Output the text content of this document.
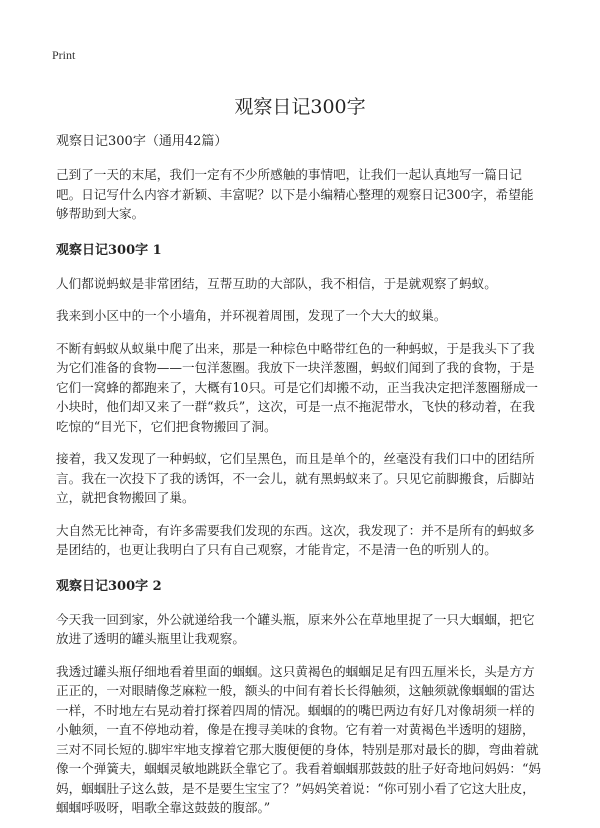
Print
观察日记300字
观察日记300字（通用42篇）

己到了一天的末尾，我们一定有不少所感触的事情吧，让我们一起认真地写一篇日记吧。日记写什么内容才新颖、丰富呢？以下是小编精心整理的观察日记300字，希望能够帮助到大家。

观察日记300字 1

人们都说蚂蚁是非常团结，互帮互助的大部队，我不相信，于是就观察了蚂蚁。

我来到小区中的一个小墙角，并环视着周围，发现了一个大大的蚁巢。

不断有蚂蚁从蚁巢中爬了出来，那是一种棕色中略带红色的一种蚂蚁，于是我头下了我为它们准备的食物——一包洋葱圈。我放下一块洋葱圈，蚂蚁们闻到了我的食物，于是它们一窝蜂的都跑来了，大概有10只。可是它们却搬不动，正当我决定把洋葱圈掰成一小块时，他们却又来了一群“救兵”，这次，可是一点不拖泥带水，飞快的移动着，在我吃惊的“目光下，它们把食物搬回了洞。

接着，我又发现了一种蚂蚁，它们呈黑色，而且是单个的，丝毫没有我们口中的团结所言。我在一次投下了我的诱饵，不一会儿，就有黑蚂蚁来了。只见它前脚搬食，后脚站立，就把食物搬回了巢。

大自然无比神奇，有许多需要我们发现的东西。这次，我发现了：并不是所有的蚂蚁多是团结的，也更让我明白了只有自己观察，才能肯定，不是清一色的听别人的。

观察日记300字 2

今天我一回到家，外公就递给我一个罐头瓶，原来外公在草地里捉了一只大蝈蝈，把它放进了透明的罐头瓶里让我观察。

我透过罐头瓶仔细地看着里面的蝈蝈。这只黄褐色的蝈蝈足足有四五厘米长，头是方方正正的，一对眼睛像芝麻粒一般，额头的中间有着长长得触须，这触须就像蝈蝈的雷达一样，不时地左右晃动着打探着四周的情况。蝈蝈的的嘴巴两边有好几对像胡须一样的小触须，一直不停地动着，像是在搜寻美味的食物。它有着一对黄褐色半透明的翅膀，三对不同长短的.脚牢牢地支撑着它那大腹便便的身体，特别是那对最长的脚，弯曲着就像一个弹簧夫，蝈蝈灵敏地跳跃全靠它了。我看着蝈蝈那鼓鼓的肚子好奇地问妈妈：“妈妈，蝈蝈肚子这么鼓，是不是要生宝宝了？”妈妈笑着说：“你可别小看了它这大肚皮，蝈蝈呼吸呀，唱歌全靠这鼓鼓的腹部。”
